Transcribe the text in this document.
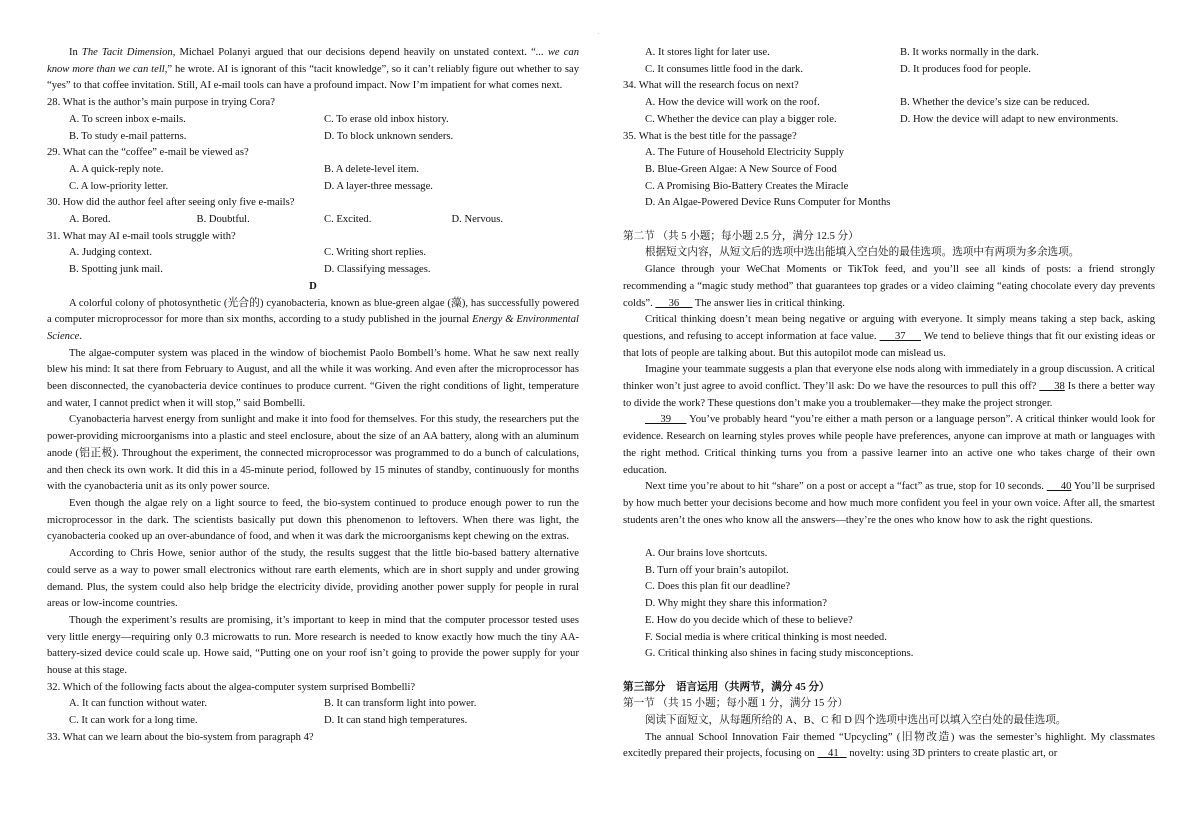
.

In The Tacit Dimension, Michael Polanyi argued that our decisions depend heavily on unstated context. “... we can know more than we can tell,” he wrote. AI is ignorant of this “tacit knowledge”, so it can’t reliably figure out whether to say “yes” to that coffee invitation. Still, AI e-mail tools can have a profound impact. Now I’m impatient for what comes next.

28. What is the author’s main purpose in trying Cora?

A. To screen inbox e-mails.	C. To erase old inbox history.
B. To study e-mail patterns.	D. To block unknown senders.

29. What can the “coffee” e-mail be viewed as?

A. A quick-reply note.	B. A delete-level item.
C. A low-priority letter.	D. A layer-three message.

30. How did the author feel after seeing only five e-mails?

A. Bored.	B. Doubtful.	C. Excited.	D. Nervous.

31. What may AI e-mail tools struggle with?

A. Judging context.	C. Writing short replies.
B. Spotting junk mail.	D. Classifying messages.
D

A colorful colony of photosynthetic (光合的) cyanobacteria, known as blue-green algae (藻), has successfully powered a computer microprocessor for more than six months, according to a study published in the journal Energy & Environmental Science.

The algae-computer system was placed in the window of biochemist Paolo Bombell’s home. What he saw next really blew his mind: It sat there from February to August, and all the while it was working. And even after the microprocessor has been disconnected, the cyanobacteria device continues to produce current. “Given the right conditions of light, temperature and water, I cannot predict when it will stop,” said Bombelli.

Cyanobacteria harvest energy from sunlight and make it into food for themselves. For this study, the researchers put the power-providing microorganisms into a plastic and steel enclosure, about the size of an AA battery, along with an aluminum anode (铝正极). Throughout the experiment, the connected microprocessor was programmed to do a bunch of calculations, and then check its own work. It did this in a 45-minute period, followed by 15 minutes of standby, continuously for months with the cyanobacteria unit as its only power source.

Even though the algae rely on a light source to feed, the bio-system continued to produce enough power to run the microprocessor in the dark. The scientists basically put down this phenomenon to leftovers. When there was light, the cyanobacteria cooked up an over-abundance of food, and when it was dark the microorganisms kept chewing on the extras.

According to Chris Howe, senior author of the study, the results suggest that the little bio-based battery alternative could serve as a way to power small electronics without rare earth elements, which are in short supply and under growing demand. Plus, the system could also help bridge the electricity divide, providing another power supply for people in rural areas or low-income countries.

Though the experiment’s results are promising, it’s important to keep in mind that the computer processor tested uses very little energy—requiring only 0.3 microwatts to run. More research is needed to know exactly how much the tiny AA-battery-sized device could scale up. Howe said, “Putting one on your roof isn’t going to provide the power supply for your house at this stage.

32. Which of the following facts about the algea-computer system surprised Bombelli?

A. It can function without water.	B. It can transform light into power.
C. It can work for a long time.	D. It can stand high temperatures.

33. What can we learn about the bio-system from paragraph 4?

A. It stores light for later use.	B. It works normally in the dark.
C. It consumes little food in the dark.	D. It produces food for people.

34. What will the research focus on next?

A. How the device will work on the roof.	B. Whether the device’s size can be reduced.
C. Whether the device can play a bigger role.	D. How the device will adapt to new environments.

35. What is the best title for the passage?

A. The Future of Household Electricity Supply
B. Blue-Green Algae: A New Source of Food
C. A Promising Bio-Battery Creates the Miracle
D. An Algae-Powered Device Runs Computer for Months

第二节 （共 5 小题；每小题 2.5 分，满分 12.5 分）

根据短文内容，从短文后的选项中选出能填入空白处的最佳选项。选项中有两项为多余选项。

Glance through your WeChat Moments or TikTok feed, and you’ll see all kinds of posts: a friend strongly recommending a “magic study method” that guarantees top grades or a video claiming “eating chocolate every day prevents colds”.      36      The answer lies in critical thinking.

Critical thinking doesn’t mean being negative or arguing with everyone. It simply means taking a step back, asking questions, and refusing to accept information at face value.      37      We tend to believe things that fit our existing ideas or that lots of people are talking about. But this autopilot mode can mislead us.

Imagine your teammate suggests a plan that everyone else nods along with immediately in a group discussion. A critical thinker won’t just agree to avoid conflict. They’ll ask: Do we have the resources to pull this off?      38 Is there a better way to divide the work? These questions don’t make you a troublemaker—they make the project stronger.

39      You’ve probably heard “you’re either a math person or a language person”. A critical thinker would look for evidence. Research on learning styles proves while people have preferences, anyone can improve at math or languages with the right method. Critical thinking turns you from a passive learner into an active one who takes charge of their own education.

Next time you’re about to hit “share” on a post or accept a “fact” as true, stop for 10 seconds.      40 You’ll be surprised by how much better your decisions become and how much more confident you feel in your own voice. After all, the smartest students aren’t the ones who know all the answers—they’re the ones who know how to ask the right questions.

A. Our brains love shortcuts.
B. Turn off your brain’s autopilot.
C. Does this plan fit our deadline?
D. Why might they share this information?
E. How do you decide which of these to believe?
F. Social media is where critical thinking is most needed.
G. Critical thinking also shines in facing study misconceptions.

第三部分　语言运用（共两节，满分 45 分）

第一节 （共 15 小题；每小题 1 分，满分 15 分）

阅读下面短文，从每题所给的 A、B、C 和 D 四个选项中选出可以填入空白处的最佳选项。

The annual School Innovation Fair themed “Upcycling” (旧物改造) was the semester’s highlight. My classmates excitedly prepared their projects, focusing on     41    novelty: using 3D printers to create plastic art, or
